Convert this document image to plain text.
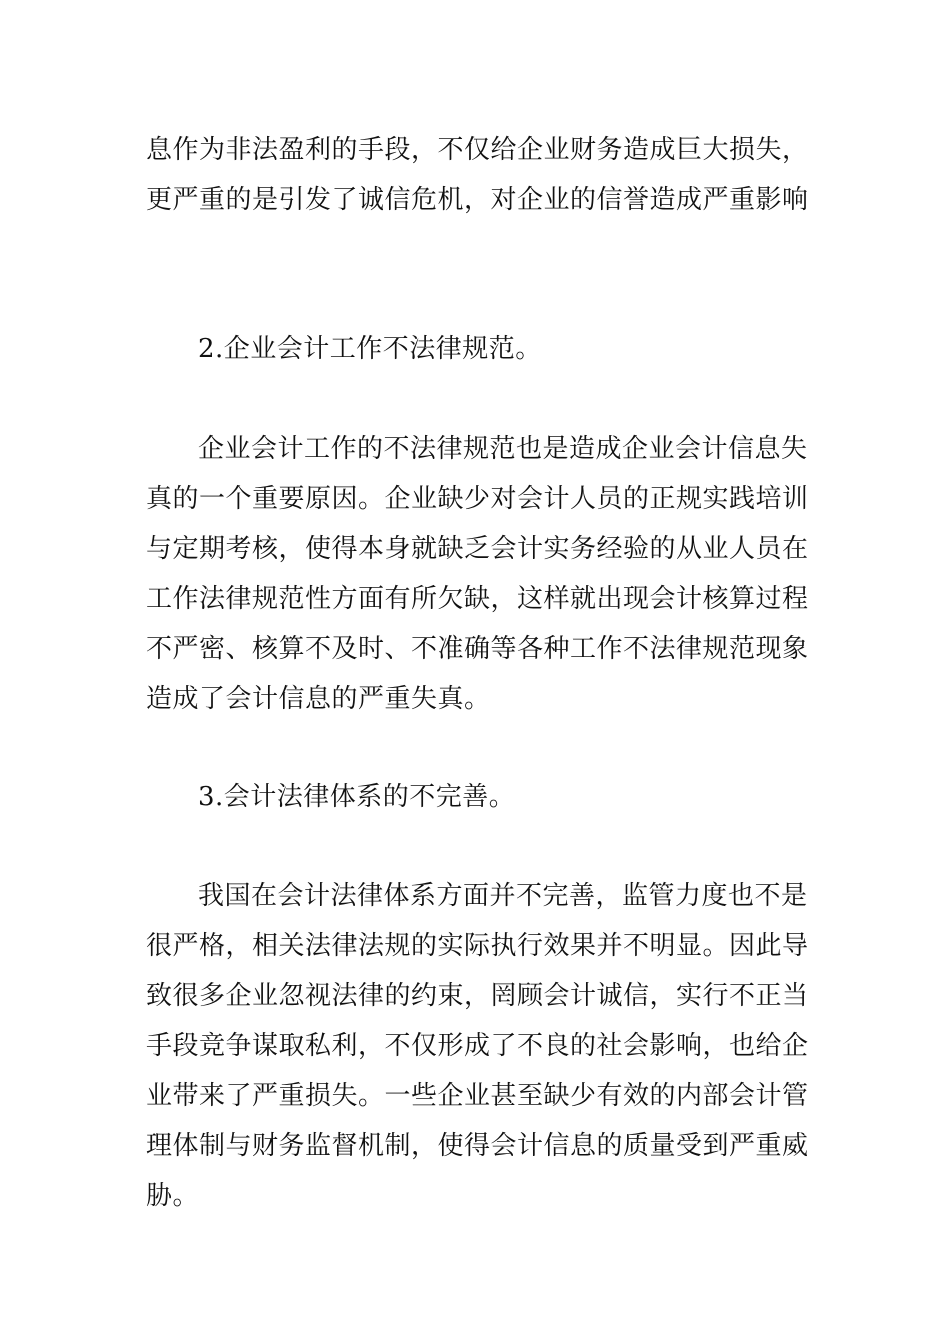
息作为非法盈利的手段，不仅给企业财务造成巨大损失，
更严重的是引发了诚信危机，对企业的信誉造成严重影响
2.企业会计工作不法律规范。
企业会计工作的不法律规范也是造成企业会计信息失
真的一个重要原因。企业缺少对会计人员的正规实践培训
与定期考核，使得本身就缺乏会计实务经验的从业人员在
工作法律规范性方面有所欠缺，这样就出现会计核算过程
不严密、核算不及时、不准确等各种工作不法律规范现象
造成了会计信息的严重失真。
3.会计法律体系的不完善。
我国在会计法律体系方面并不完善，监管力度也不是
很严格，相关法律法规的实际执行效果并不明显。因此导
致很多企业忽视法律的约束，罔顾会计诚信，实行不正当
手段竞争谋取私利，不仅形成了不良的社会影响，也给企
业带来了严重损失。一些企业甚至缺少有效的内部会计管
理体制与财务监督机制，使得会计信息的质量受到严重威
胁。
